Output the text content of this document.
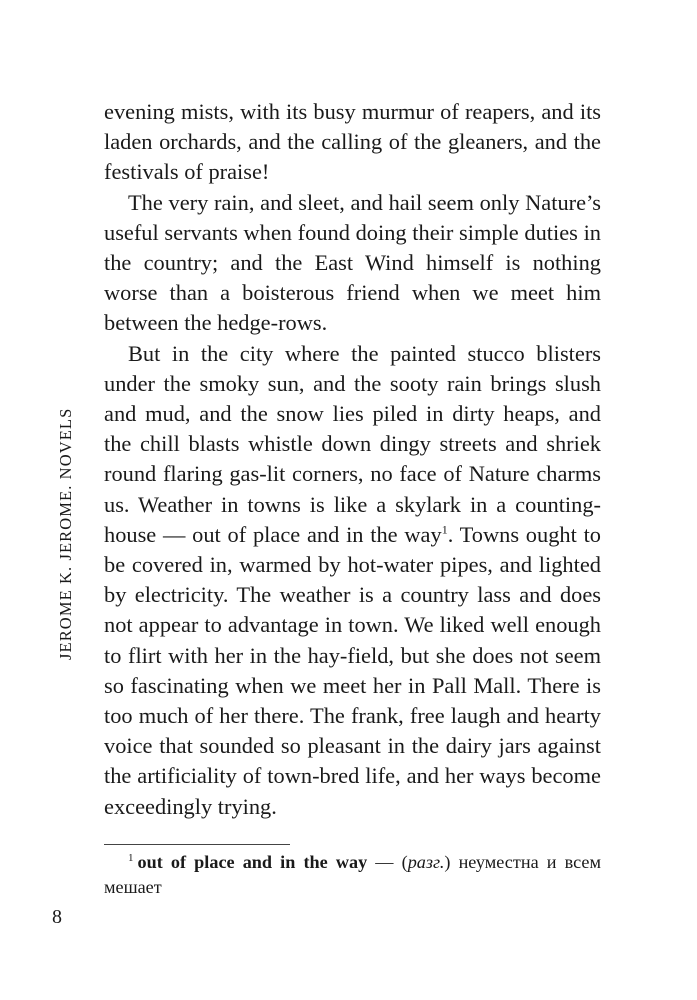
JEROME K. JEROME. NOVELS

evening mists, with its busy murmur of reapers, and its laden orchards, and the calling of the gleaners, and the festivals of praise!

The very rain, and sleet, and hail seem only Nature’s useful servants when found doing their simple duties in the country; and the East Wind himself is nothing worse than a boisterous friend when we meet him between the hedge-rows.

But in the city where the painted stucco blisters under the smoky sun, and the sooty rain brings slush and mud, and the snow lies piled in dirty heaps, and the chill blasts whistle down dingy streets and shriek round flaring gas-lit corners, no face of Nature charms us. Weather in towns is like a skylark in a counting-house — out of place and in the way$^1$. Towns ought to be covered in, warmed by hot-water pipes, and lighted by electricity. The weather is a country lass and does not appear to advantage in town. We liked well enough to flirt with her in the hay-field, but she does not seem so fascinating when we meet her in Pall Mall. There is too much of her there. The frank, free laugh and hearty voice that sounded so pleasant in the dairy jars against the artificiality of town-bred life, and her ways become exceedingly trying.

$^1$ out of place and in the way — (разг.) неуместна и всем мешает
8
